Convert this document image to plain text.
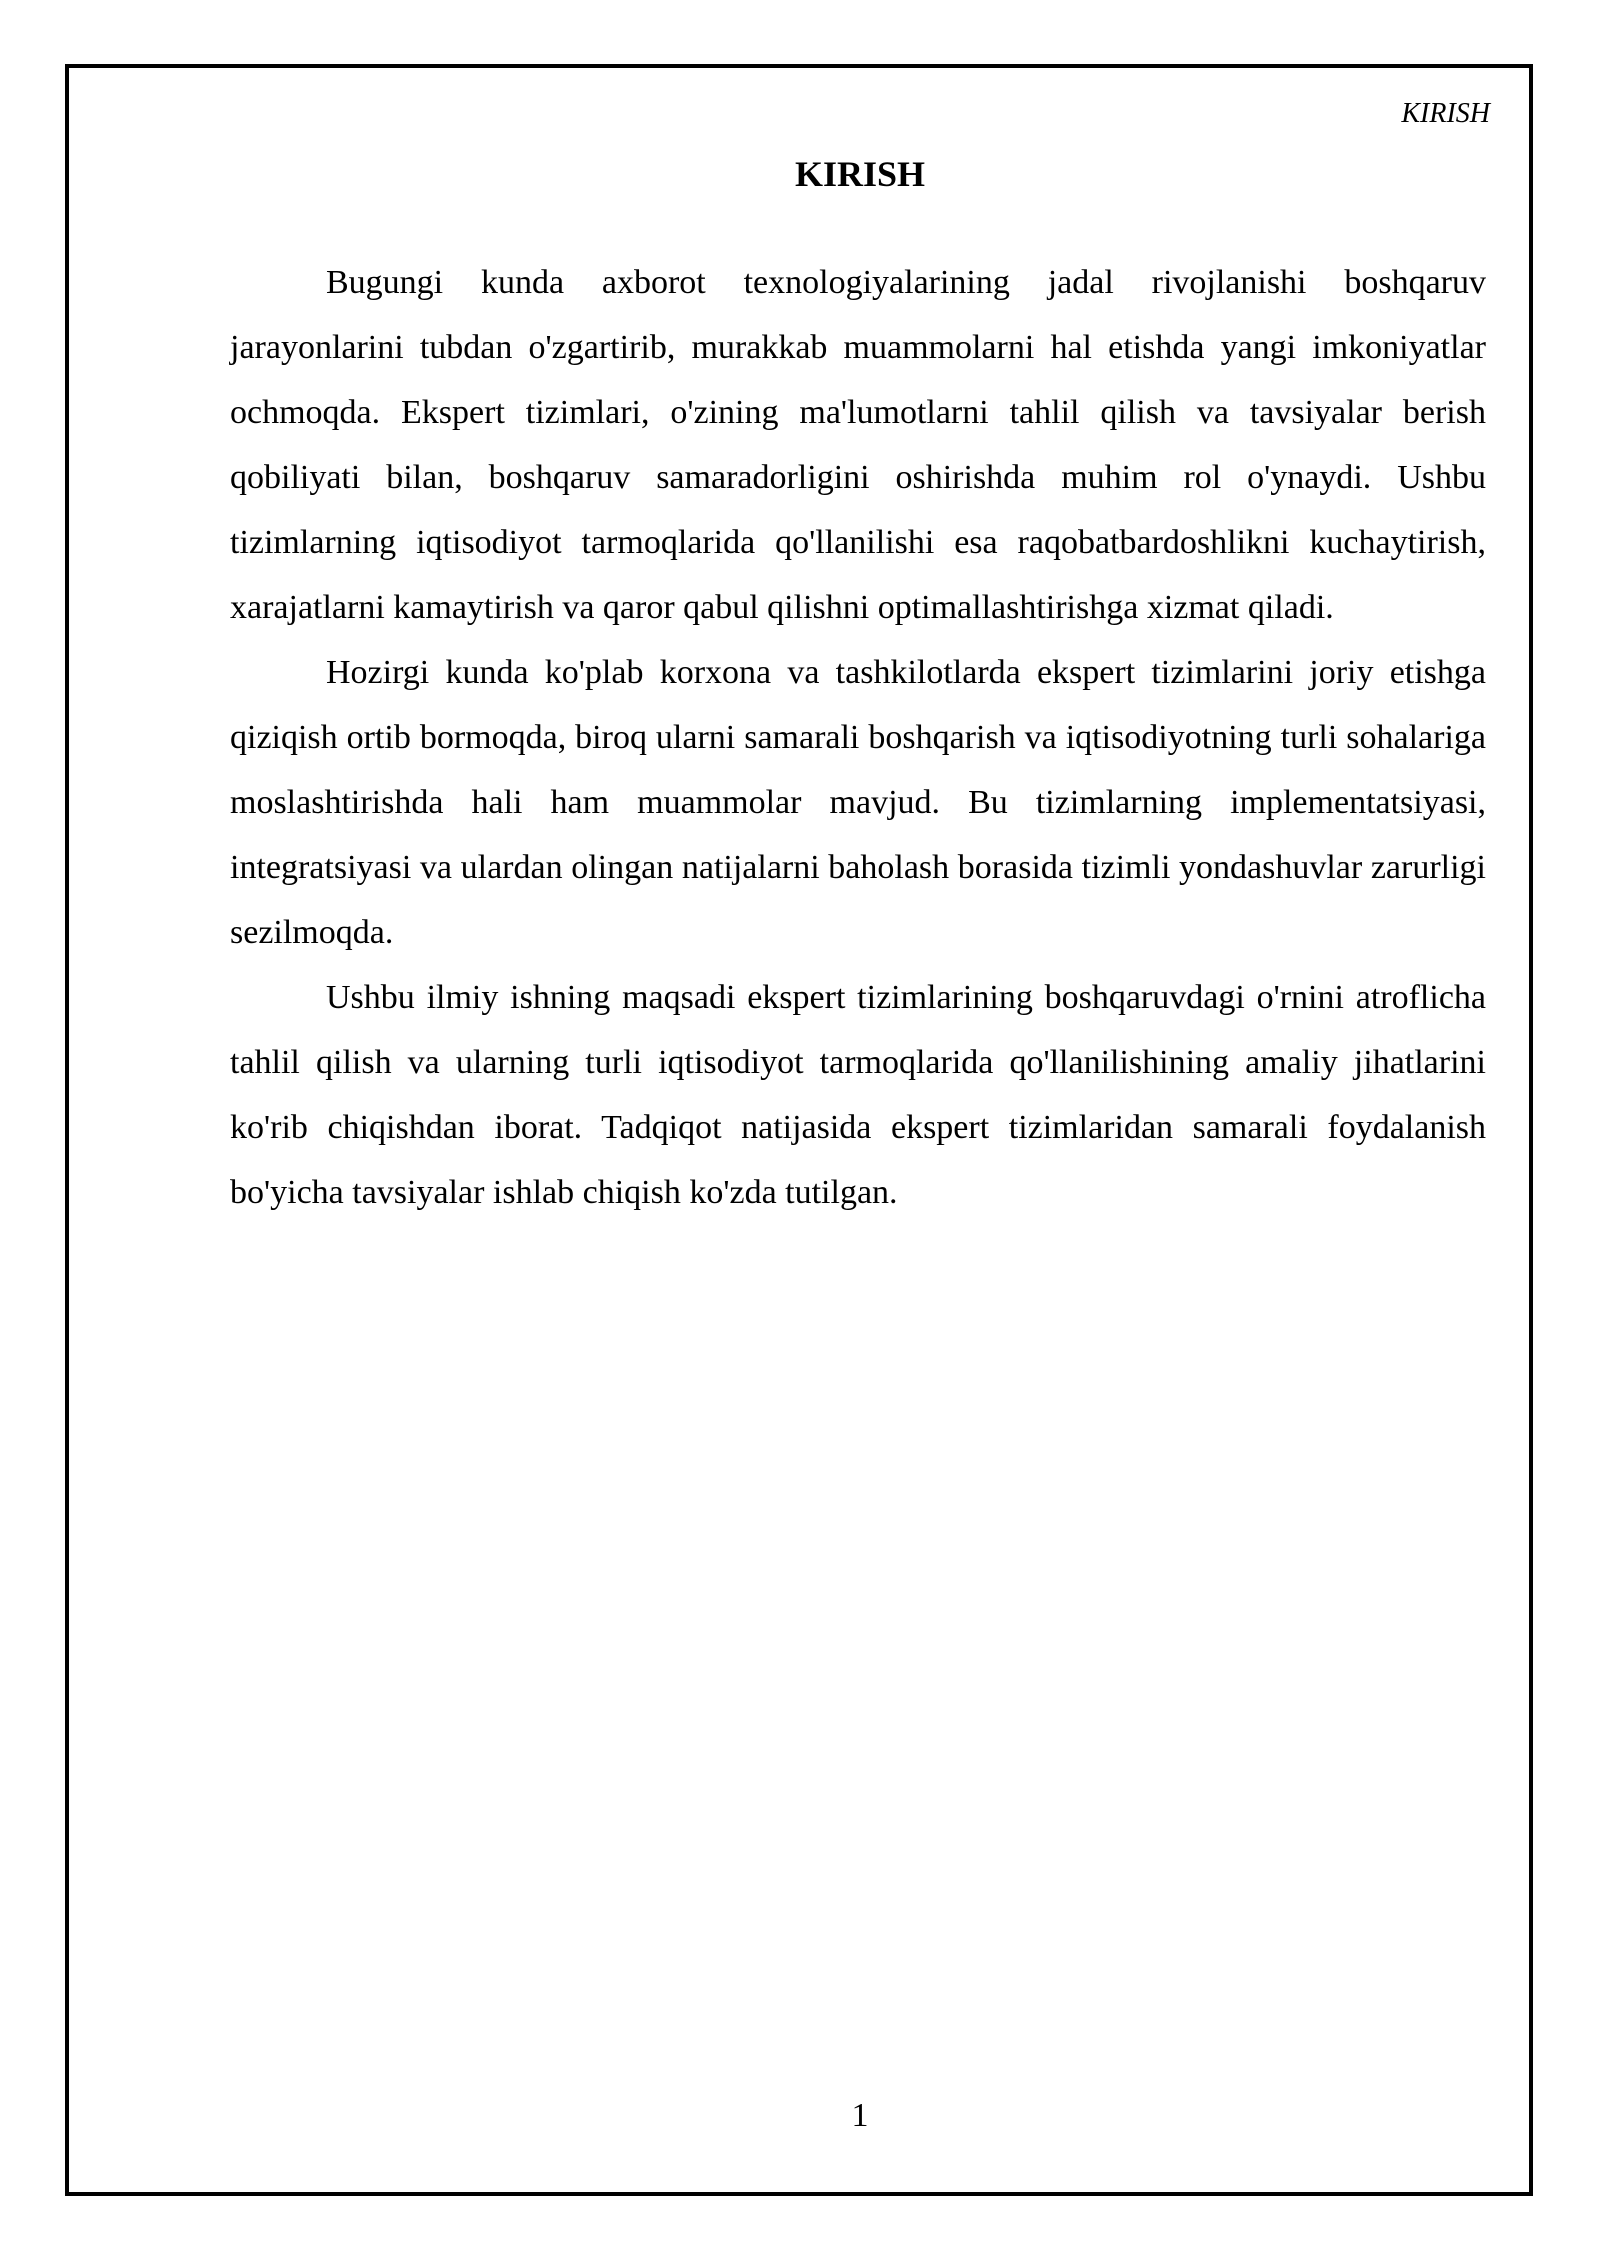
KIRISH
KIRISH

Bugungi kunda axborot texnologiyalarining jadal rivojlanishi boshqaruv jarayonlarini tubdan o'zgartirib, murakkab muammolarni hal etishda yangi imkoniyatlar ochmoqda. Ekspert tizimlari, o'zining ma'lumotlarni tahlil qilish va tavsiyalar berish qobiliyati bilan, boshqaruv samaradorligini oshirishda muhim rol o'ynaydi. Ushbu tizimlarning iqtisodiyot tarmoqlarida qo'llanilishi esa raqobatbardoshlikni kuchaytirish, xarajatlarni kamaytirish va qaror qabul qilishni optimallashtirishga xizmat qiladi.

Hozirgi kunda ko'plab korxona va tashkilotlarda ekspert tizimlarini joriy etishga qiziqish ortib bormoqda, biroq ularni samarali boshqarish va iqtisodiyotning turli sohalariga moslashtirishda hali ham muammolar mavjud. Bu tizimlarning implementatsiyasi, integratsiyasi va ulardan olingan natijalarni baholash borasida tizimli yondashuvlar zarurligi sezilmoqda.

Ushbu ilmiy ishning maqsadi ekspert tizimlarining boshqaruvdagi o'rnini atroflicha tahlil qilish va ularning turli iqtisodiyot tarmoqlarida qo'llanilishining amaliy jihatlarini ko'rib chiqishdan iborat. Tadqiqot natijasida ekspert tizimlaridan samarali foydalanish bo'yicha tavsiyalar ishlab chiqish ko'zda tutilgan.

1
